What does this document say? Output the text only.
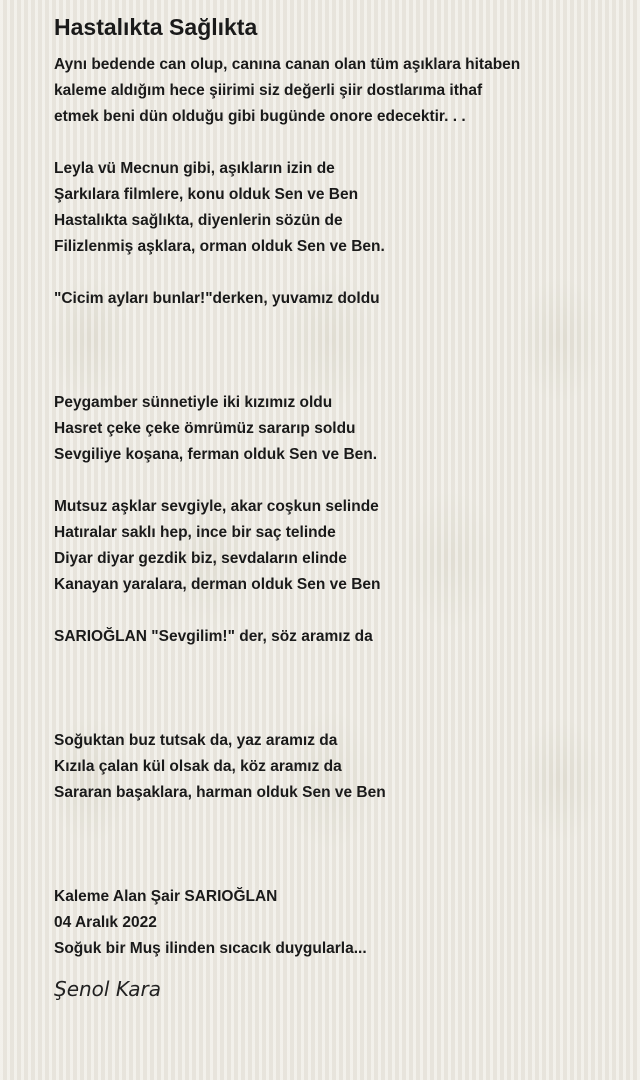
Hastalıkta Sağlıkta
Aynı bedende can olup, canına canan olan tüm aşıklara hitaben
kaleme aldığım hece şiirimi siz değerli şiir dostlarıma ithaf
etmek beni dün olduğu gibi bugünde onore edecektir. . .
Leyla vü Mecnun gibi, aşıkların izin de
Şarkılara filmlere, konu olduk Sen ve Ben
Hastalıkta sağlıkta, diyenlerin sözün de
Filizlenmiş aşklara, orman olduk Sen ve Ben.
"Cicim ayları bunlar!"derken, yuvamız doldu
Peygamber sünnetiyle iki kızımız oldu
Hasret çeke çeke ömrümüz sararıp soldu
Sevgiliye koşana, ferman olduk Sen ve Ben.
Mutsuz aşklar sevgiyle, akar coşkun selinde
Hatıralar saklı hep, ince bir saç telinde
Diyar diyar gezdik biz, sevdaların elinde
Kanayan yaralara, derman olduk Sen ve Ben
SARIOĞLAN "Sevgilim!" der, söz aramız da
Soğuktan buz tutsak da, yaz aramız da
Kızıla çalan kül olsak da, köz aramız da
Sararan başaklara, harman olduk Sen ve Ben
Kaleme Alan Şair SARIOĞLAN
04 Aralık 2022
Soğuk bir Muş ilinden sıcacık duygularla...
Şenol Kara
